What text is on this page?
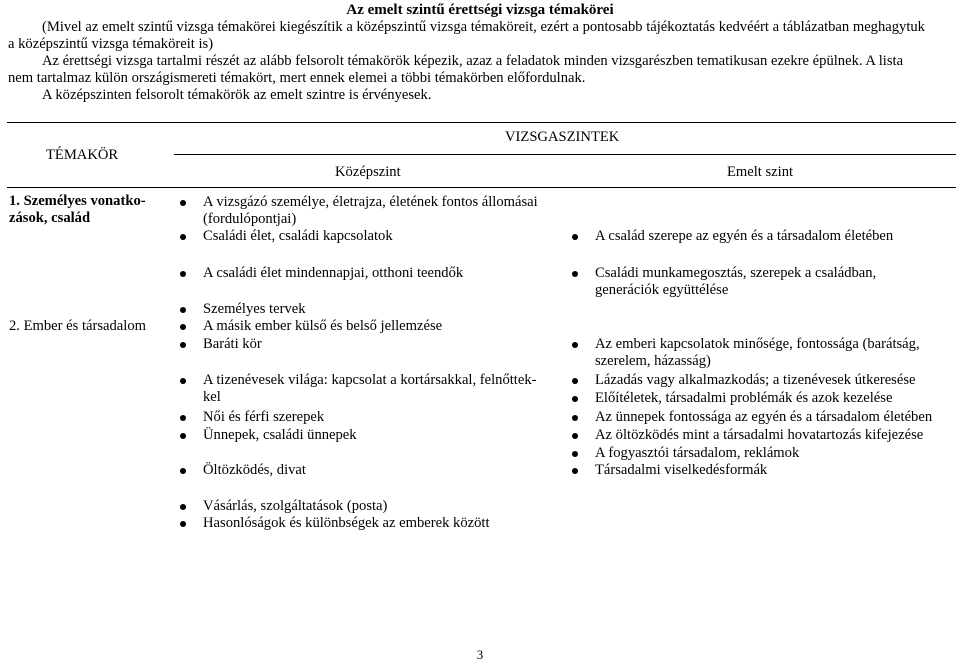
Az emelt szintű érettségi vizsga témakörei
(Mivel az emelt szintű vizsga témakörei kiegészítik a középszintű vizsga témaköreit, ezért a pontosabb tájékoztatás kedvéért a táblázatban meghagytuk
a középszintű vizsga témaköreit is)
Az érettségi vizsga tartalmi részét az alább felsorolt témakörök képezik, azaz a feladatok minden vizsgarészben tematikusan ezekre épülnek. A lista
nem tartalmaz külön országismereti témakört, mert ennek elemei a többi témakörben előfordulnak.
A középszinten felsorolt témakörök az emelt szintre is érvényesek.
TÉMAKÖR
VIZSGASZINTEK
Középszint	Emelt szint
1. Személyes vonatko-
zások, család
2. Ember és társadalom
A vizsgázó személye, életrajza, életének fontos állomásai
(fordulópontjai)
Családi élet, családi kapcsolatok
A családi élet mindennapjai, otthoni teendők
Személyes tervek
A másik ember külső és belső jellemzése
Baráti kör
A tizenévesek világa: kapcsolat a kortársakkal, felnőttek-
kel
Női és férfi szerepek
Ünnepek, családi ünnepek
Öltözködés, divat
Vásárlás, szolgáltatások (posta)
Hasonlóságok és különbségek az emberek között
A család szerepe az egyén és a társadalom életében
Családi munkamegosztás, szerepek a családban,
generációk együttélése
Az emberi kapcsolatok minősége, fontossága (barátság,
szerelem, házasság)
Lázadás vagy alkalmazkodás; a tizenévesek útkeresése
Előítéletek, társadalmi problémák és azok kezelése
Az ünnepek fontossága az egyén és a társadalom életében
Az öltözködés mint a társadalmi hovatartozás kifejezése
A fogyasztói társadalom, reklámok
Társadalmi viselkedésformák
3
